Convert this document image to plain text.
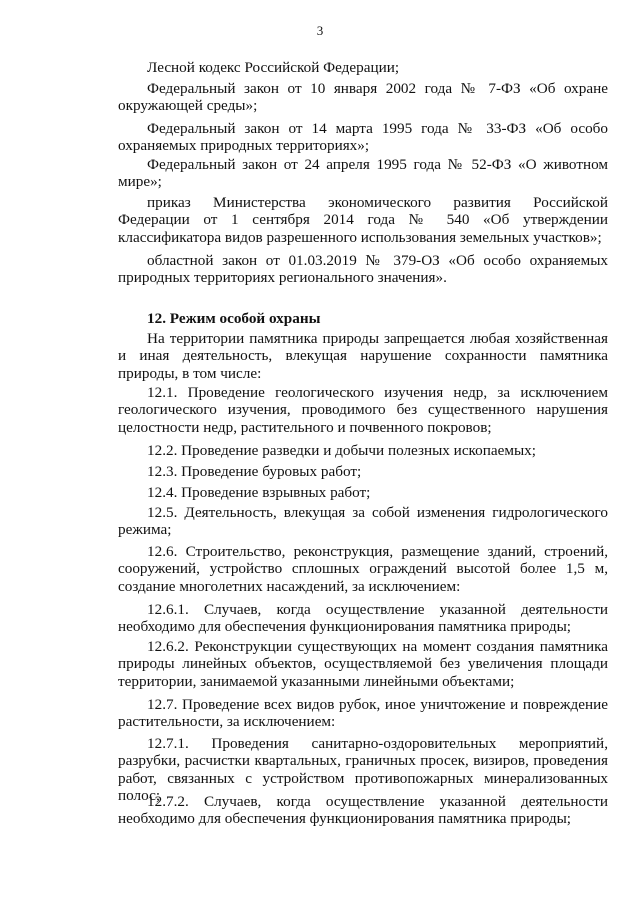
3

Лесной кодекс Российской Федерации;

Федеральный закон от 10 января 2002 года № 7-ФЗ «Об охране окружающей среды»;

Федеральный закон от 14 марта 1995 года № 33-ФЗ «Об особо охраняемых природных территориях»;

Федеральный закон от 24 апреля 1995 года № 52-ФЗ «О животном мире»;

приказ Министерства экономического развития Российской Федерации от 1 сентября 2014 года № 540 «Об утверждении классификатора видов разрешенного использования земельных участков»;

областной закон от 01.03.2019 № 379-ОЗ «Об особо охраняемых природных территориях регионального значения».

12. Режим особой охраны

На территории памятника природы запрещается любая хозяйственная и иная деятельность, влекущая нарушение сохранности памятника природы, в том числе:

12.1. Проведение геологического изучения недр, за исключением геологического изучения, проводимого без существенного нарушения целостности недр, растительного и почвенного покровов;

12.2. Проведение разведки и добычи полезных ископаемых;

12.3. Проведение буровых работ;

12.4. Проведение взрывных работ;

12.5. Деятельность, влекущая за собой изменения гидрологического режима;

12.6. Строительство, реконструкция, размещение зданий, строений, сооружений, устройство сплошных ограждений высотой более 1,5 м, создание многолетних насаждений, за исключением:

12.6.1. Случаев, когда осуществление указанной деятельности необходимо для обеспечения функционирования памятника природы;

12.6.2. Реконструкции существующих на момент создания памятника природы линейных объектов, осуществляемой без увеличения площади территории, занимаемой указанными линейными объектами;

12.7. Проведение всех видов рубок, иное уничтожение и повреждение растительности, за исключением:

12.7.1. Проведения санитарно-оздоровительных мероприятий, разрубки, расчистки квартальных, граничных просек, визиров, проведения работ, связанных с устройством противопожарных минерализованных полос;

12.7.2. Случаев, когда осуществление указанной деятельности необходимо для обеспечения функционирования памятника природы;
